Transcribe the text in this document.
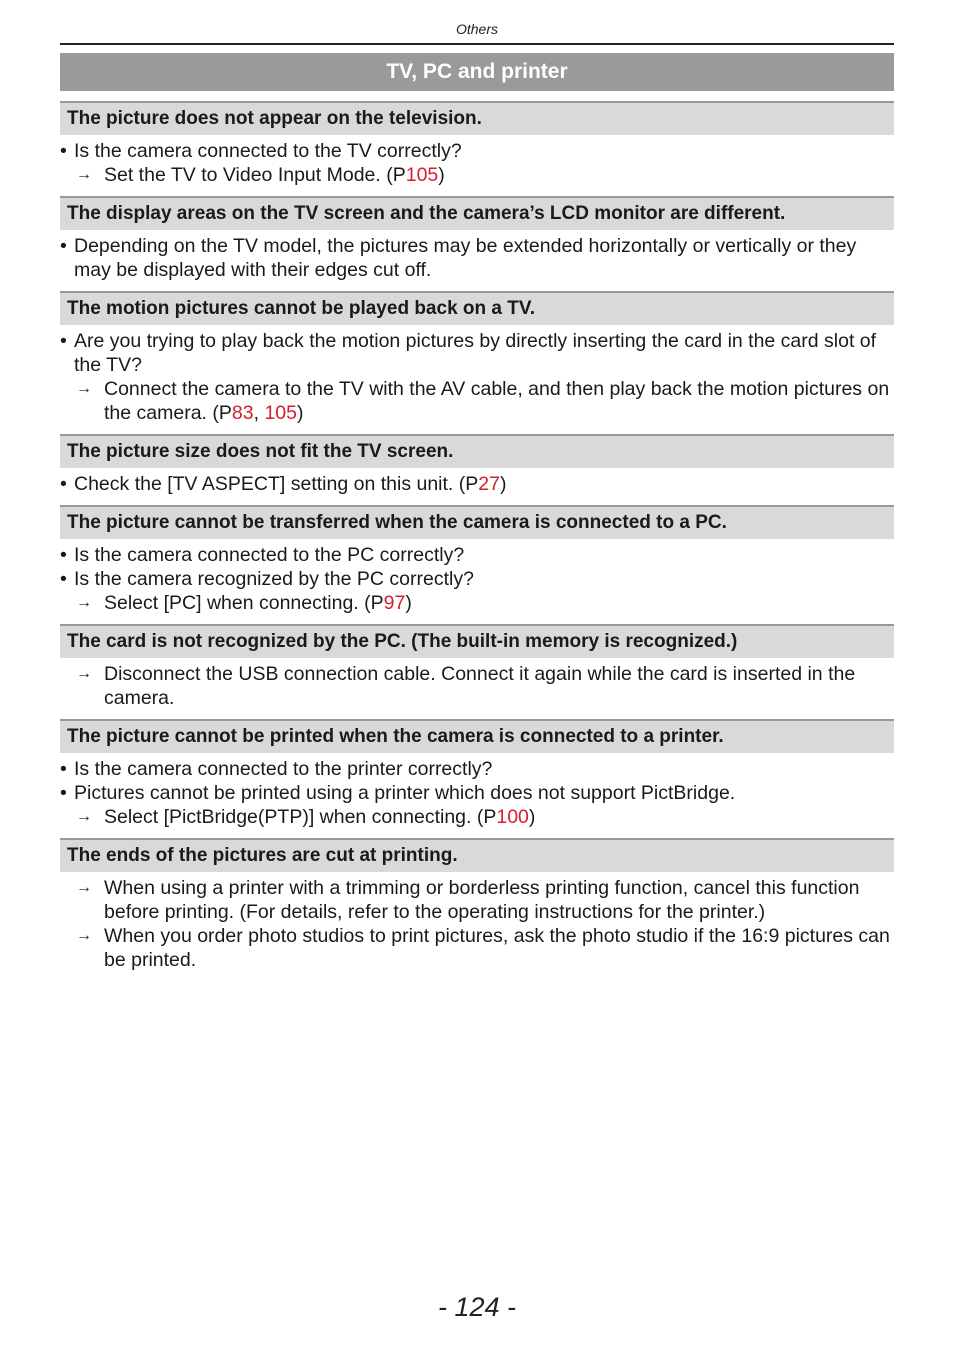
Others
TV, PC and printer
The picture does not appear on the television.
• Is the camera connected to the TV correctly?
→ Set the TV to Video Input Mode. (P105)
The display areas on the TV screen and the camera’s LCD monitor are different.
• Depending on the TV model, the pictures may be extended horizontally or vertically or they may be displayed with their edges cut off.
The motion pictures cannot be played back on a TV.
• Are you trying to play back the motion pictures by directly inserting the card in the card slot of the TV?
→ Connect the camera to the TV with the AV cable, and then play back the motion pictures on the camera. (P83, 105)
The picture size does not fit the TV screen.
• Check the [TV ASPECT] setting on this unit. (P27)
The picture cannot be transferred when the camera is connected to a PC.
• Is the camera connected to the PC correctly?
• Is the camera recognized by the PC correctly?
→ Select [PC] when connecting. (P97)
The card is not recognized by the PC. (The built-in memory is recognized.)
→ Disconnect the USB connection cable. Connect it again while the card is inserted in the camera.
The picture cannot be printed when the camera is connected to a printer.
• Is the camera connected to the printer correctly?
• Pictures cannot be printed using a printer which does not support PictBridge.
→ Select [PictBridge(PTP)] when connecting. (P100)
The ends of the pictures are cut at printing.
→ When using a printer with a trimming or borderless printing function, cancel this function before printing. (For details, refer to the operating instructions for the printer.)
→ When you order photo studios to print pictures, ask the photo studio if the 16:9 pictures can be printed.
- 124 -
